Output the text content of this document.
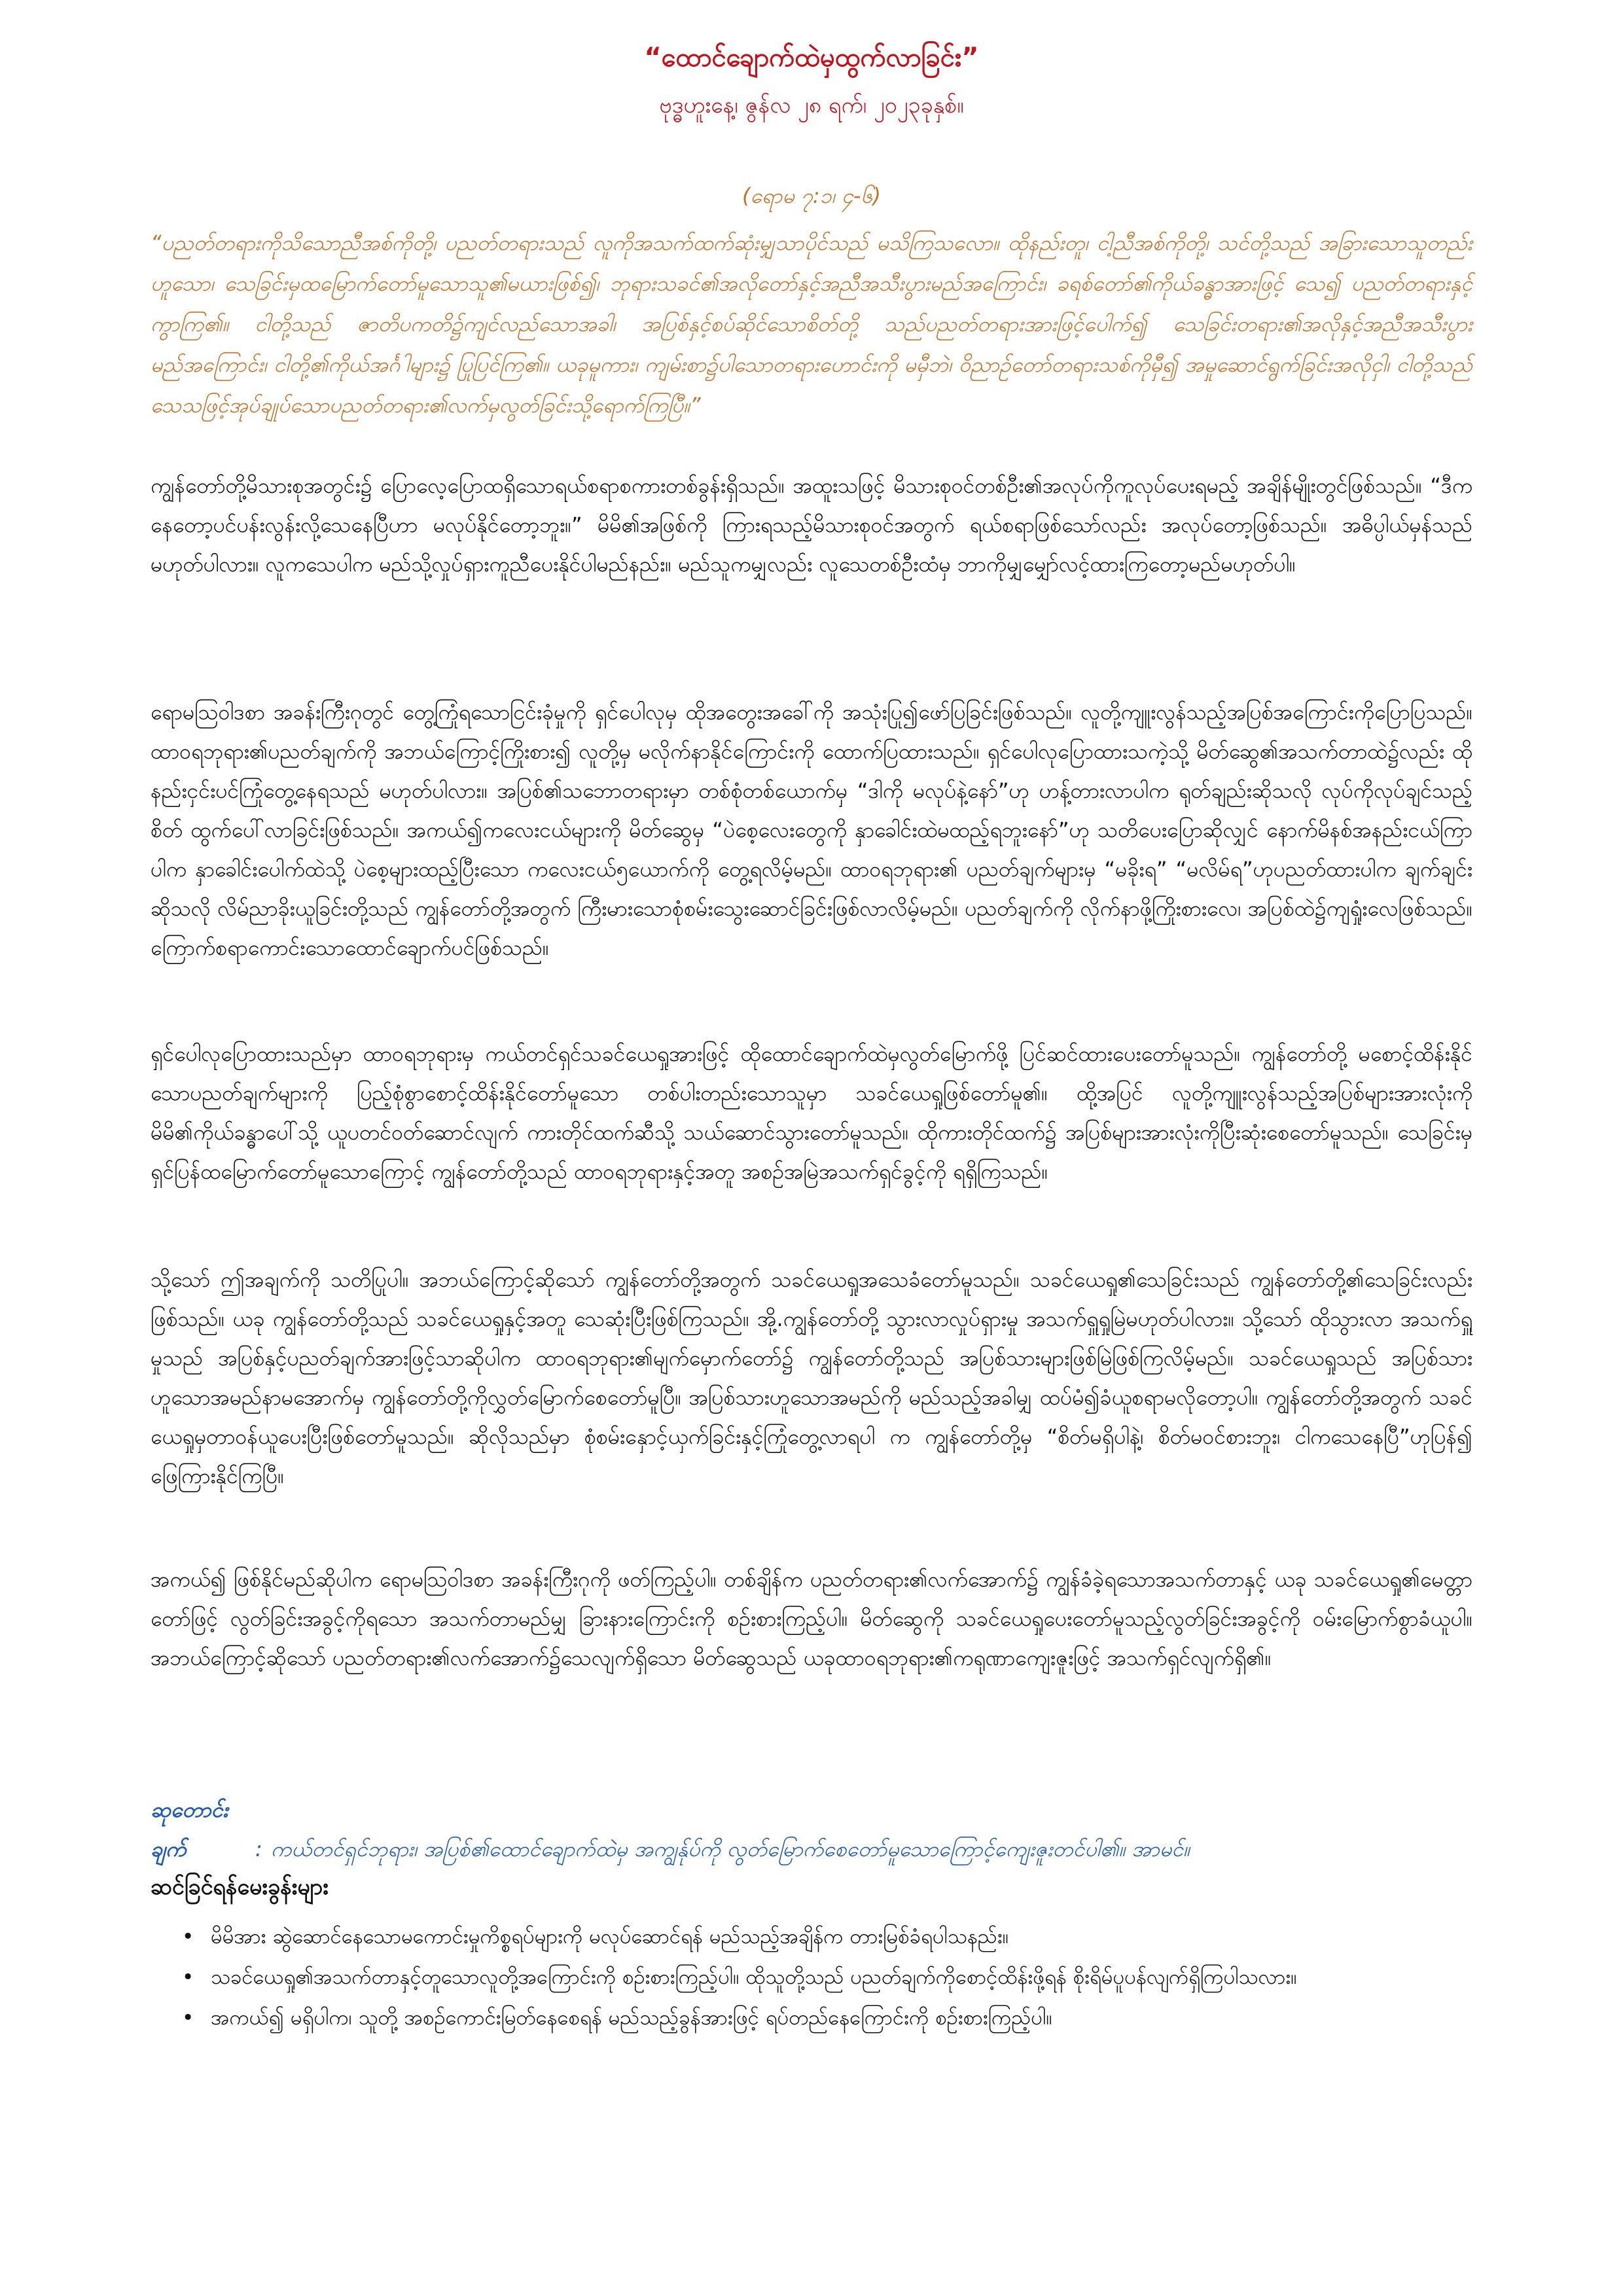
“ထောင်ချောက်ထဲမှထွက်လာခြင်း”
ဗုဒ္ဓဟူးနေ့၊ ဇွန်လ ၂၈ ရက်၊ ၂၀၂၃ခုနှစ်။
(ရောမ ၇:၁၊ ၄-၆)
“ပညတ်တရားကိုသိသောညီအစ်ကိုတို့၊ ပညတ်တရားသည် လူကိုအသက်ထက်ဆုံးမျှသာပိုင်သည် မသိကြသလော။ ထိုနည်းတူ၊ ငါ့ညီအစ်ကိုတို့၊ သင်တို့သည် အခြားသောသူတည်းဟူသော၊ သေခြင်းမှထမြောက်တော်မူသောသူ၏မယားဖြစ်၍၊ ဘုရားသခင်၏အလိုတော်နှင့်အညီအသီးပွားမည်အကြောင်း၊ ခရစ်တော်၏ကိုယ်ခန္ဓာအားဖြင့် သေ၍ ပညတ်တရားနှင့်ကွာကြ၏။ ငါတို့သည် ဇာတိပကတိ၌ကျင်လည်သောအခါ၊ အပြစ်နှင့်စပ်ဆိုင်သောစိတ်တို့ သည်ပညတ်တရားအားဖြင့်ပေါက်၍ သေခြင်းတရား၏အလိုနှင့်အညီအသီးပွားမည်အကြောင်း၊ ငါတို့၏ကိုယ်အင်္ဂါများ၌ ပြုပြင်ကြ၏။ ယခုမူကား၊ ကျမ်းစာ၌ပါသောတရားဟောင်းကို မမှီဘဲ၊ ဝိညာဉ်တော်တရားသစ်ကိုမှီ၍ အမှုဆောင်ရွက်ခြင်းအလိုငှါ၊ ငါတို့သည် သေသဖြင့်အုပ်ချုပ်သောပညတ်တရား၏လက်မှလွတ်ခြင်းသို့ရောက်ကြပြီ။”
ကျွန်တော်တို့မိသားစုအတွင်း၌ ပြောလေ့ပြောထရှိသောရယ်စရာစကားတစ်ခွန်းရှိသည်။ အထူးသဖြင့် မိသားစုဝင်တစ်ဦး၏အလုပ်ကိုကူလုပ်ပေးရမည့် အချိန်မျိုးတွင်ဖြစ်သည်။ “ဒီကနေတော့ပင်ပန်းလွန်းလို့သေနေပြီဟာ မလုပ်နိုင်တော့ဘူး။” မိမိ၏အဖြစ်ကို ကြားရသည့်မိသားစုဝင်အတွက် ရယ်စရာဖြစ်သော်လည်း အလုပ်တော့ဖြစ်သည်။ အဓိပ္ပါယ်မှန်သည် မဟုတ်ပါလား။ လူကသေပါက မည်သို့လှုပ်ရှားကူညီပေးနိုင်ပါမည်နည်း။ မည်သူကမျှလည်း လူသေတစ်ဦးထံမှ ဘာကိုမျှမျှော်လင့်ထားကြတော့မည်မဟုတ်ပါ။
ရောမသြဝါဒစာ အခန်းကြီးဂုတွင် တွေ့ကြုံရသောငြင်းခုံမှုကို ရှင်ပေါလုမှ ထိုအတွေးအခေါ်ကို အသုံးပြု၍ဖော်ပြခြင်းဖြစ်သည်။ လူတို့ကျူးလွန်သည့်အပြစ်အကြောင်းကိုပြောပြသည်။ ထာဝရဘုရား၏ပညတ်ချက်ကို အဘယ်ကြောင့်ကြိုးစား၍ လူတို့မှ မလိုက်နာနိုင်ကြောင်းကို ထောက်ပြထားသည်။ ရှင်ပေါလုပြောထားသကဲ့သို့ မိတ်ဆွေ၏အသက်တာထဲ၌လည်း ထိုနည်းငှင်းပင်ကြုံတွေ့နေရသည် မဟုတ်ပါလား။ အပြစ်၏သဘောတရားမှာ တစ်စုံတစ်ယောက်မှ “ဒါကို မလုပ်နဲ့နော်”ဟု ဟန့်တားလာပါက ရုတ်ချည်းဆိုသလို လုပ်ကိုလုပ်ချင်သည့်စိတ် ထွက်ပေါ်လာခြင်းဖြစ်သည်။ အကယ်၍ကလေးငယ်များကို မိတ်ဆွေမှ “ပဲစေ့လေးတွေကို နှာခေါင်းထဲမထည့်ရဘူးနော်”ဟု သတိပေးပြောဆိုလျှင် နောက်မိနစ်အနည်းငယ်ကြာပါက နှာခေါင်းပေါက်ထဲသို့ ပဲစေ့များထည့်ပြီးသော ကလေးငယ်၅ယောက်ကို တွေ့ရလိမ့်မည်။ ထာဝရဘုရား၏ ပညတ်ချက်များမှ “မခိုးရ” “မလိမ်ရ”ဟုပညတ်ထားပါက ချက်ချင်းဆိုသလို လိမ်ညာခိုးယူခြင်းတို့သည် ကျွန်တော်တို့အတွက် ကြီးမားသောစုံစမ်းသွေးဆောင်ခြင်းဖြစ်လာလိမ့်မည်။ ပညတ်ချက်ကို လိုက်နာဖို့ကြိုးစားလေ၊ အပြစ်ထဲ၌ကျရှုံးလေဖြစ်သည်။ ကြောက်စရာကောင်းသောထောင်ချောက်ပင်ဖြစ်သည်။
ရှင်ပေါလုပြောထားသည်မှာ ထာဝရဘုရားမှ ကယ်တင်ရှင်သခင်ယေရှုအားဖြင့် ထိုထောင်ချောက်ထဲမှလွတ်မြောက်ဖို့ ပြင်ဆင်ထားပေးတော်မူသည်။ ကျွန်တော်တို့ မစောင့်ထိန်းနိုင်သောပညတ်ချက်များကို ပြည့်စုံစွာစောင့်ထိန်းနိုင်တော်မူသော တစ်ပါးတည်းသောသူမှာ သခင်ယေရှုဖြစ်တော်မူ၏။ ထို့အပြင် လူတို့ကျူးလွန်သည့်အပြစ်များအားလုံးကို မိမိ၏ကိုယ်ခန္ဓာပေါ်သို့ ယူပတင်ဝတ်ဆောင်လျက် ကားတိုင်ထက်ဆီသို့ သယ်ဆောင်သွားတော်မူသည်။ ထိုကားတိုင်ထက်၌ အပြစ်များအားလုံးကိုပြီးဆုံးစေတော်မူသည်။ သေခြင်းမှရှင်ပြန်ထမြောက်တော်မူသောကြောင့် ကျွန်တော်တို့သည် ထာဝရဘုရားနှင့်အတူ အစဉ်အမြဲအသက်ရှင်ခွင့်ကို ရရှိကြသည်။
သို့သော် ဤအချက်ကို သတိပြုပါ။ အဘယ်ကြောင့်ဆိုသော် ကျွန်တော်တို့အတွက် သခင်ယေရှုအသေခံတော်မူသည်။ သခင်ယေရှု၏သေခြင်းသည် ကျွန်တော်တို့၏သေခြင်းလည်းဖြစ်သည်။ ယခု ကျွန်တော်တို့သည် သခင်ယေရှုနှင့်အတူ သေဆုံးပြီးဖြစ်ကြသည်။ အို့.ကျွန်တော်တို့ သွားလာလှုပ်ရှားမှု အသက်ရှူရှုမြဲမဟုတ်ပါလား။ သို့သော် ထိုသွားလာ အသက်ရှူမှုသည် အပြစ်နှင့်ပညတ်ချက်အားဖြင့်သာဆိုပါက ထာဝရဘုရား၏မျက်မှောက်တော်၌ ကျွန်တော်တို့သည် အပြစ်သားများဖြစ်မြဲဖြစ်ကြလိမ့်မည်။ သခင်ယေရှုသည် အပြစ်သားဟူသောအမည်နာမအောက်မှ ကျွန်တော်တို့ကိုလွှတ်မြောက်စေတော်မူပြီ။ အပြစ်သားဟူသောအမည်ကို မည်သည့်အခါမျှ ထပ်မံ၍ခံယူစရာမလိုတော့ပါ။ ကျွန်တော်တို့အတွက် သခင်ယေရှုမှတာဝန်ယူပေးပြီးဖြစ်တော်မူသည်။ ဆိုလိုသည်မှာ စုံစမ်းနှောင့်ယှက်ခြင်းနှင့်ကြုံတွေ့လာရပါ က ကျွန်တော်တို့မှ “စိတ်မရှိပါနဲ့၊ စိတ်မဝင်စားဘူး၊ ငါကသေနေပြီ”ဟုပြန်၍ ဖြေကြားနိုင်ကြပြီ။
အကယ်၍ ဖြစ်နိုင်မည်ဆိုပါက ရောမသြဝါဒစာ အခန်းကြီးဂုကို ဖတ်ကြည့်ပါ။ တစ်ချိန်က ပညတ်တရား၏လက်အောက်၌ ကျွန်ခံခဲ့ရသောအသက်တာနှင့် ယခု သခင်ယေရှု၏မေတ္တာတော်ဖြင့် လွတ်ခြင်းအခွင့်ကိုရသော အသက်တာမည်မျှ ခြားနားကြောင်းကို စဉ်းစားကြည့်ပါ။ မိတ်ဆွေကို သခင်ယေရှုပေးတော်မူသည့်လွတ်ခြင်းအခွင့်ကို ဝမ်းမြောက်စွာခံယူပါ။ အဘယ်ကြောင့်ဆိုသော် ပညတ်တရား၏လက်အောက်၌သေလျက်ရှိသော မိတ်ဆွေသည် ယခုထာဝရဘုရား၏ကရုဏာကျေးဇူးဖြင့် အသက်ရှင်လျက်ရှိ၏။
ဆုတောင်းချက်	: ကယ်တင်ရှင်ဘုရား၊ အပြစ်၏ထောင်ချောက်ထဲမှ အကျွန်ုပ်ကို လွတ်မြောက်စေတော်မူသောကြောင့်ကျေးဇူးတင်ပါ၏။ အာမင်။
ဆင်ခြင်ရန်မေးခွန်းများ
• မိမိအား ဆွဲဆောင်နေသောမကောင်းမှုကိစ္စရပ်များကို မလုပ်ဆောင်ရန် မည်သည့်အချိန်က တားမြစ်ခံရပါသနည်း။
• သခင်ယေရှု၏အသက်တာနှင့်တူသောလူတို့အကြောင်းကို စဉ်းစားကြည့်ပါ။ ထိုသူတို့သည် ပညတ်ချက်ကိုစောင့်ထိန်းဖို့ရန် စိုးရိမ်ပူပန်လျက်ရှိကြပါသလား။
• အကယ်၍ မရှိပါက၊ သူတို့ အစဉ်ကောင်းမြတ်နေစေရန် မည်သည့်ခွန်အားဖြင့် ရပ်တည်နေကြောင်းကို စဉ်းစားကြည့်ပါ။
